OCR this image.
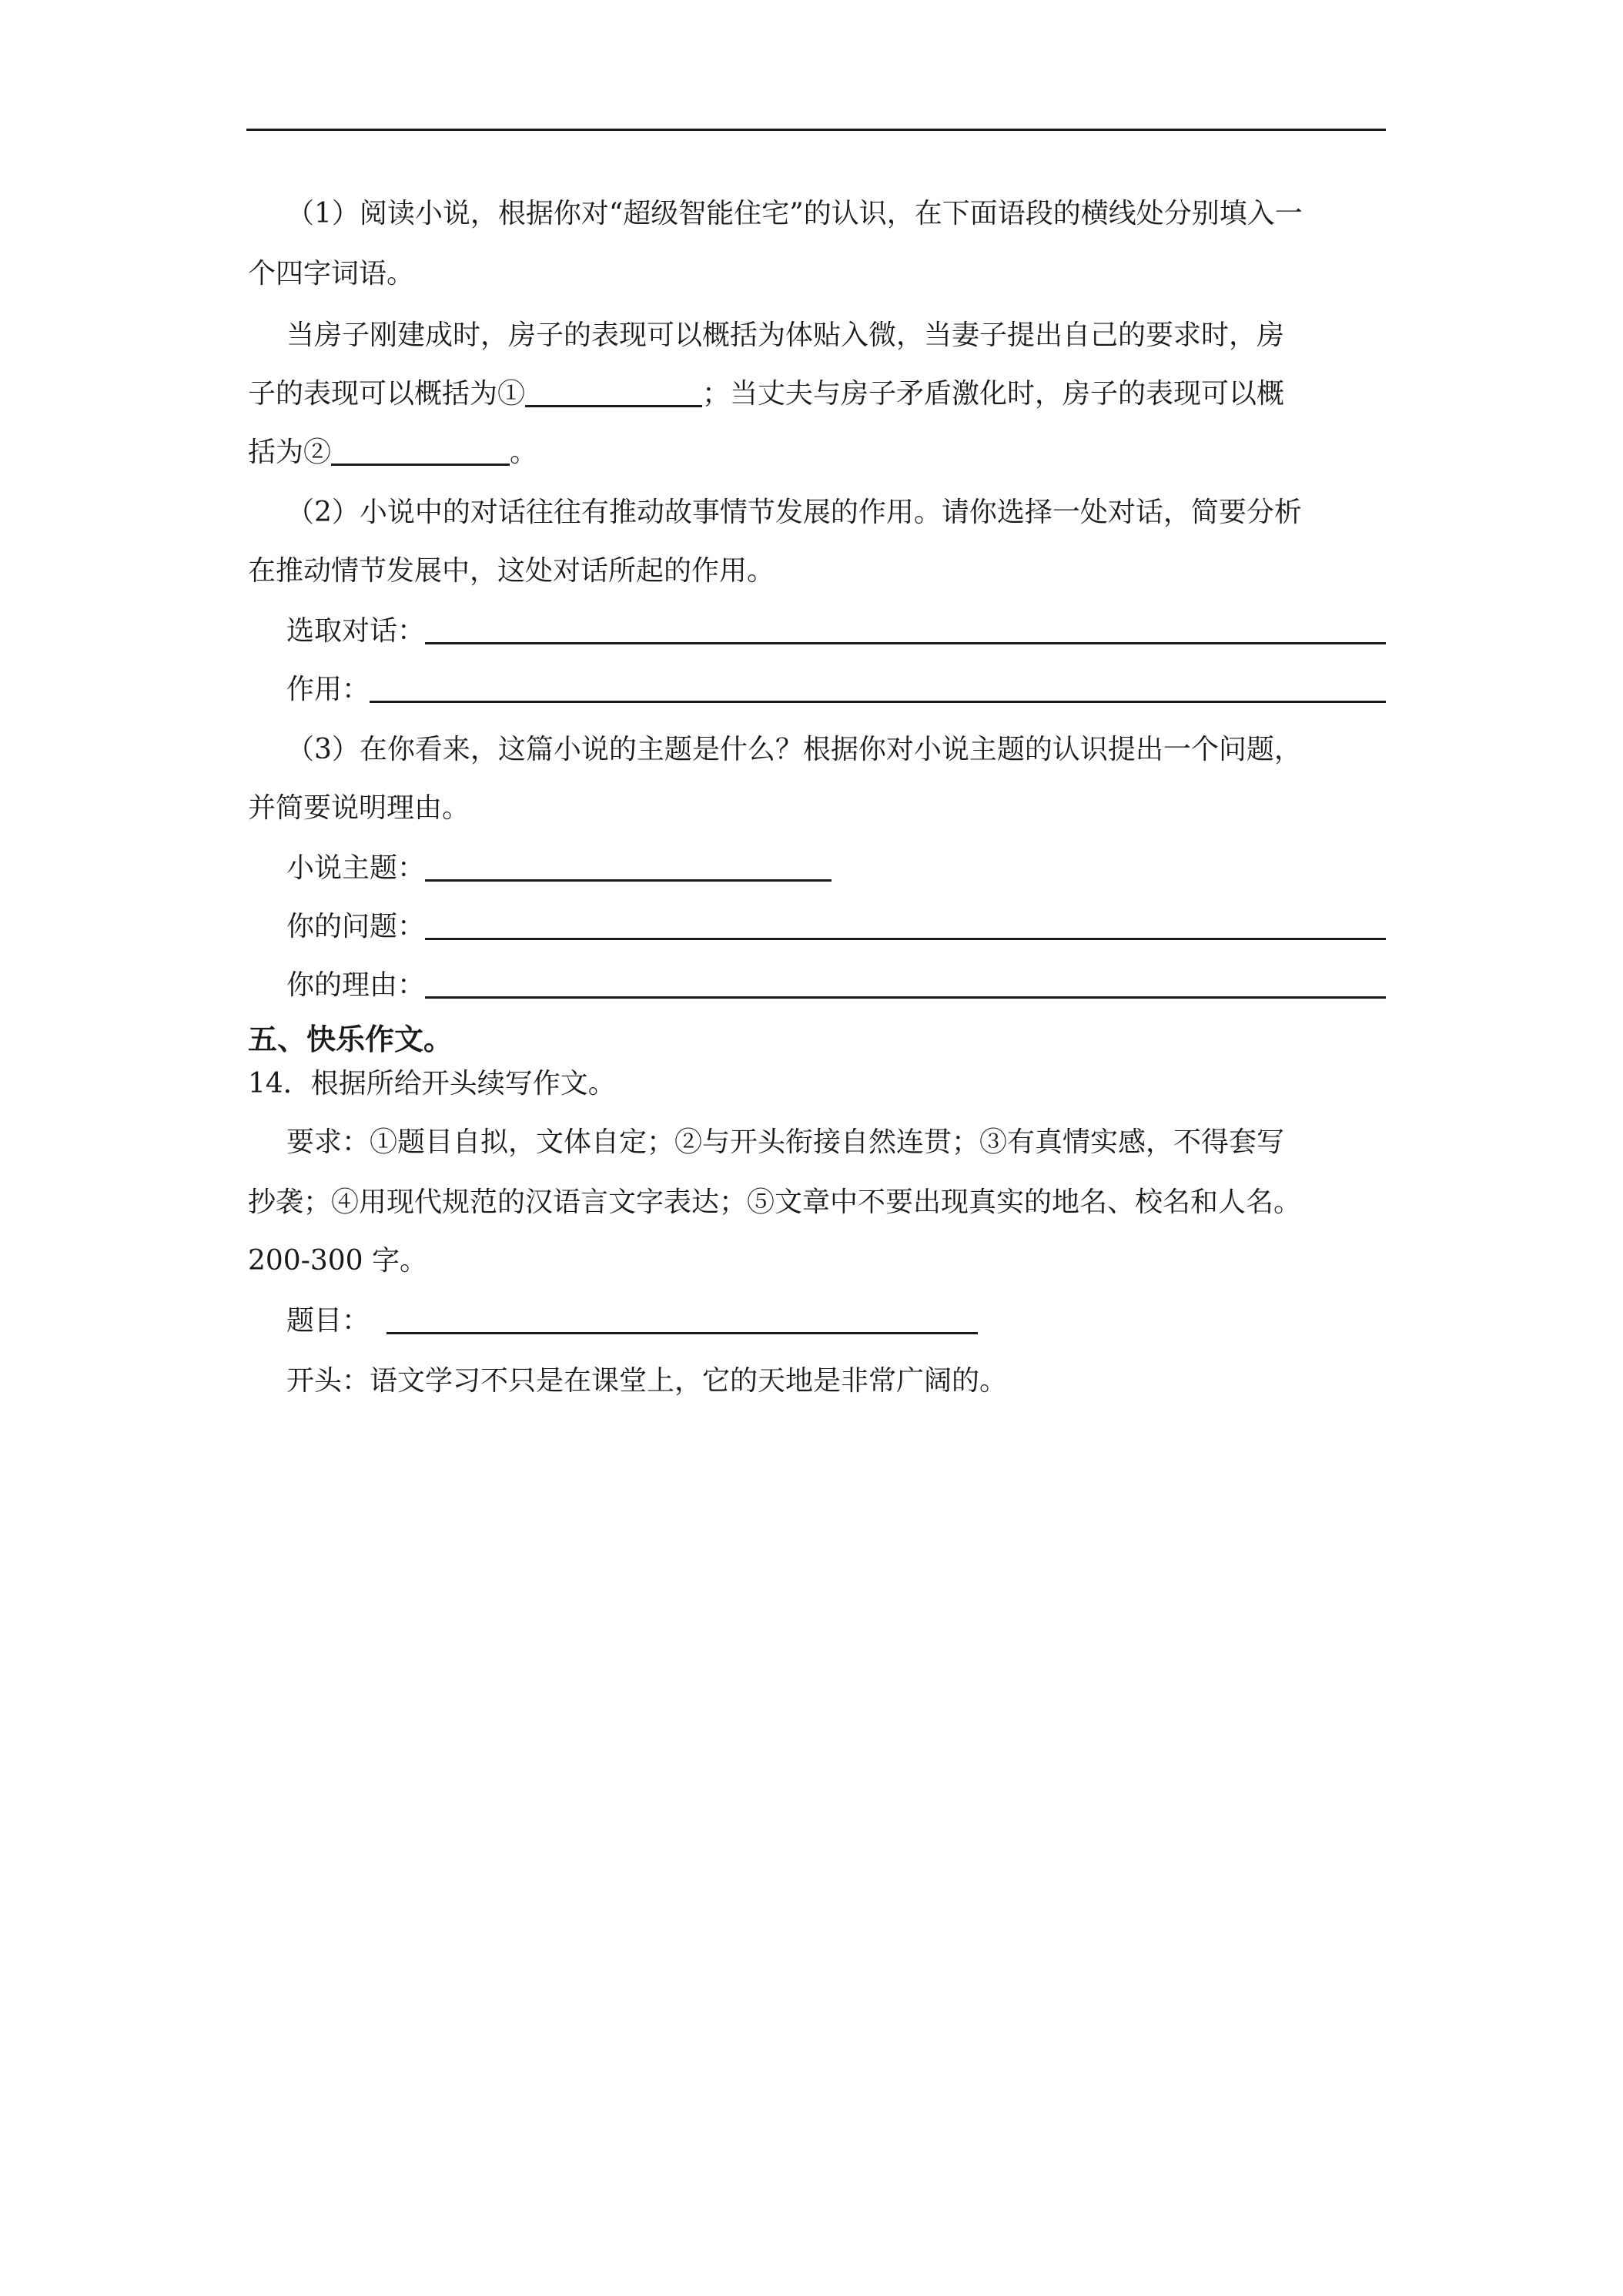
（1）阅读小说，根据你对“超级智能住宅”的认识，在下面语段的横线处分别填入一
个四字词语。
当房子刚建成时，房子的表现可以概括为体贴入微，当妻子提出自己的要求时，房
子的表现可以概括为①	；当丈夫与房子矛盾激化时，房子的表现可以概
括为②	。
（2）小说中的对话往往有推动故事情节发展的作用。请你选择一处对话，简要分析
在推动情节发展中，这处对话所起的作用。
选取对话：
作用：
（3）在你看来，这篇小说的主题是什么？根据你对小说主题的认识提出一个问题，
并简要说明理由。
小说主题：
你的问题：
你的理由：
五、快乐作文。
14．根据所给开头续写作文。
要求：①题目自拟，文体自定；②与开头衔接自然连贯；③有真情实感，不得套写
抄袭；④用现代规范的汉语言文字表达；⑤文章中不要出现真实的地名、校名和人名。
200-300 字。
题目：
开头：语文学习不只是在课堂上，它的天地是非常广阔的。
